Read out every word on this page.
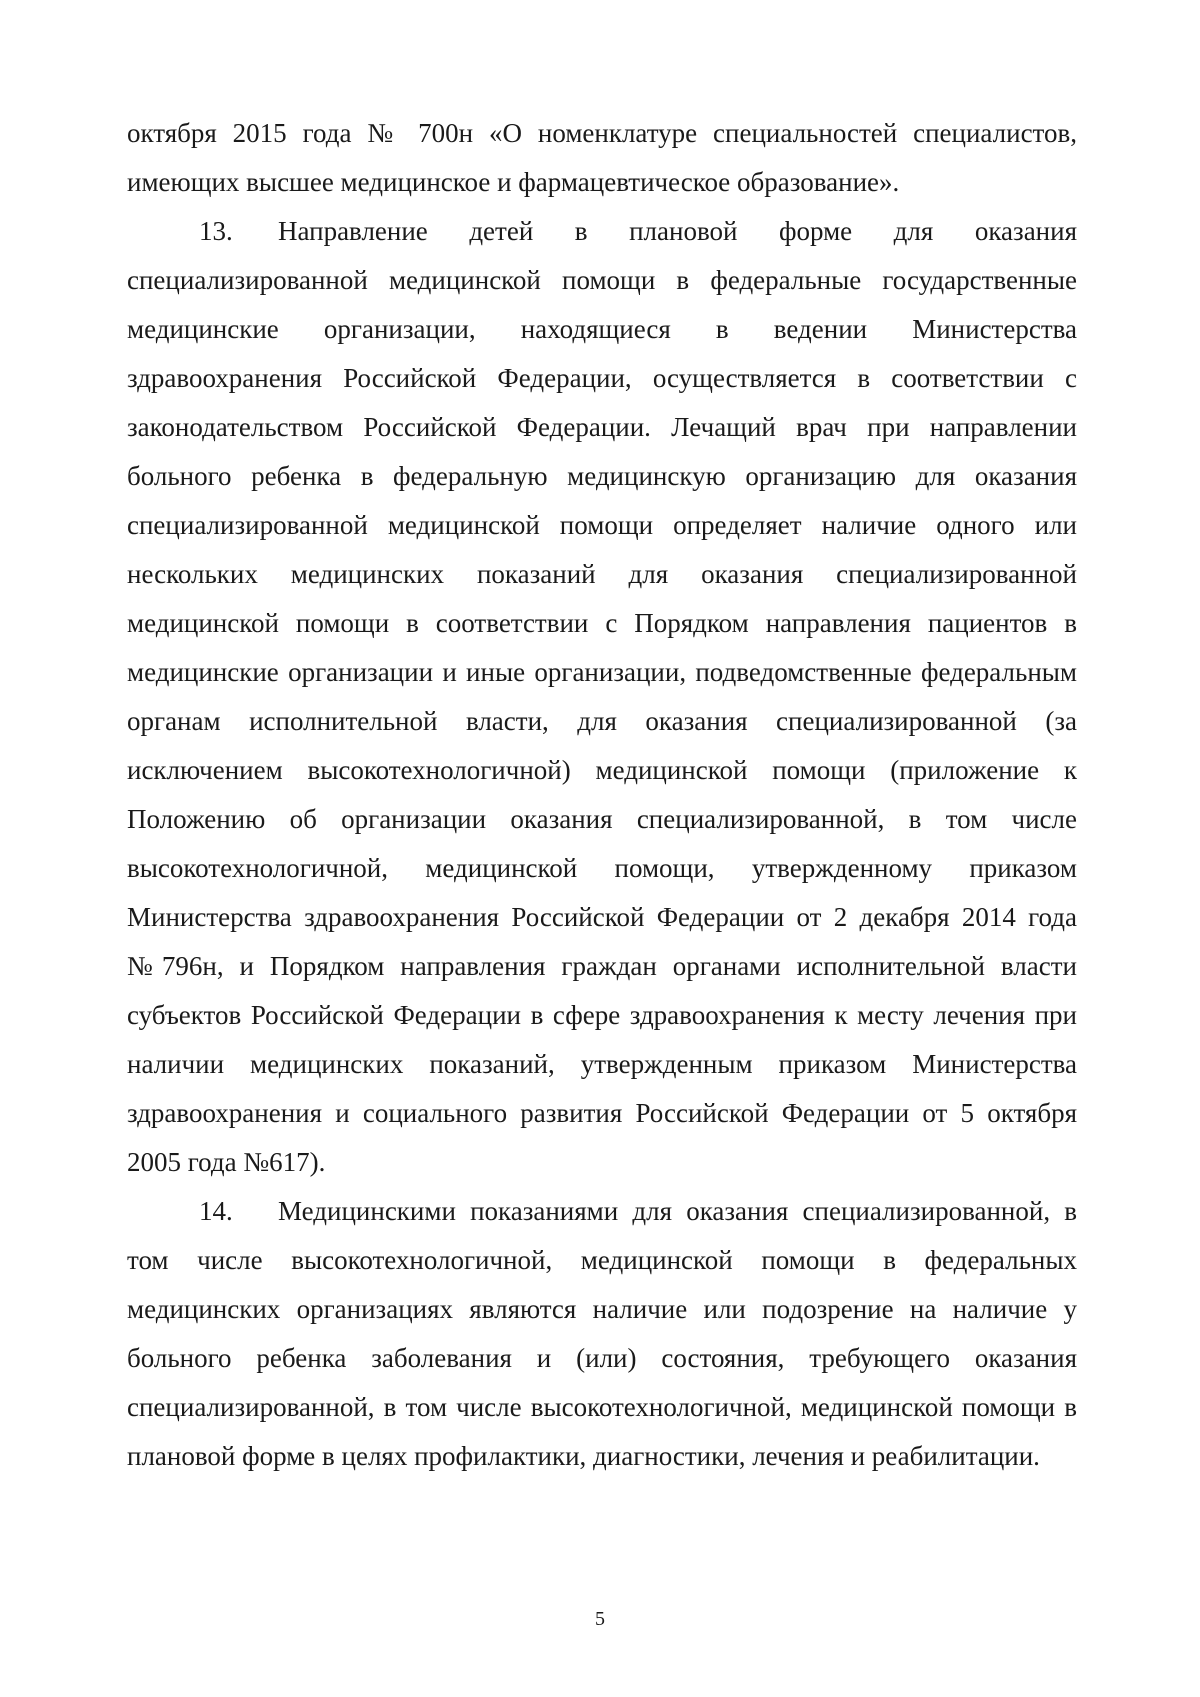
октября 2015 года № 700н «О номенклатуре специальностей специалистов, имеющих высшее медицинское и фармацевтическое образование».

13. Направление детей в плановой форме для оказания специализированной медицинской помощи в федеральные государственные медицинские организации, находящиеся в ведении Министерства здравоохранения Российской Федерации, осуществляется в соответствии с законодательством Российской Федерации. Лечащий врач при направлении больного ребенка в федеральную медицинскую организацию для оказания специализированной медицинской помощи определяет наличие одного или нескольких медицинских показаний для оказания специализированной медицинской помощи в соответствии с Порядком направления пациентов в медицинские организации и иные организации, подведомственные федеральным органам исполнительной власти, для оказания специализированной (за исключением высокотехнологичной) медицинской помощи (приложение к Положению об организации оказания специализированной, в том числе высокотехнологичной, медицинской помощи, утвержденному приказом Министерства здравоохранения Российской Федерации от 2 декабря 2014 года №796н, и Порядком направления граждан органами исполнительной власти субъектов Российской Федерации в сфере здравоохранения к месту лечения при наличии медицинских показаний, утвержденным приказом Министерства здравоохранения и социального развития Российской Федерации от 5 октября 2005 года №617).

14. Медицинскими показаниями для оказания специализированной, в том числе высокотехнологичной, медицинской помощи в федеральных медицинских организациях являются наличие или подозрение на наличие у больного ребенка заболевания и (или) состояния, требующего оказания специализированной, в том числе высокотехнологичной, медицинской помощи в плановой форме в целях профилактики, диагностики, лечения и реабилитации.

5
